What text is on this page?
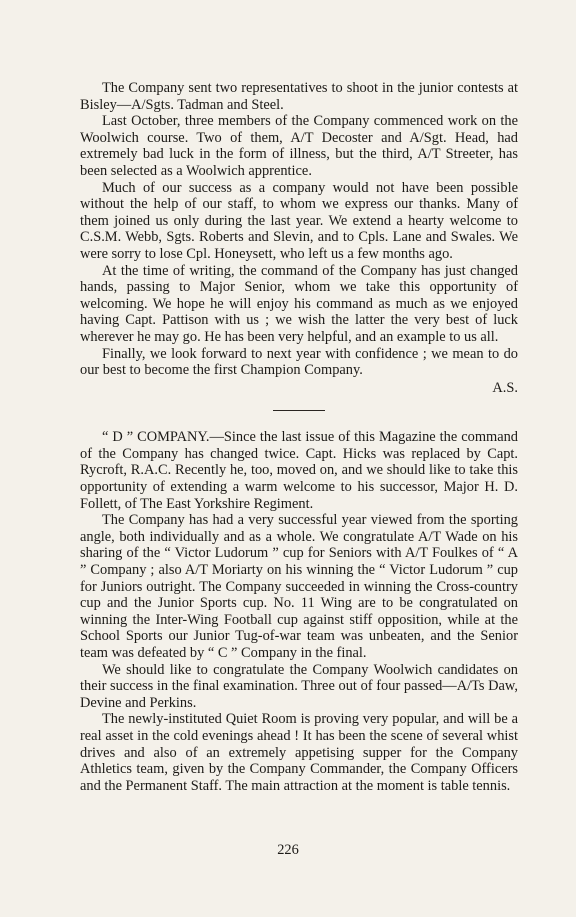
The Company sent two representatives to shoot in the junior contests at Bisley—A/Sgts. Tadman and Steel.

Last October, three members of the Company commenced work on the Woolwich course. Two of them, A/T Decoster and A/Sgt. Head, had extremely bad luck in the form of illness, but the third, A/T Streeter, has been selected as a Woolwich apprentice.

Much of our success as a company would not have been possible without the help of our staff, to whom we express our thanks. Many of them joined us only during the last year. We extend a hearty welcome to C.S.M. Webb, Sgts. Roberts and Slevin, and to Cpls. Lane and Swales. We were sorry to lose Cpl. Honeysett, who left us a few months ago.

At the time of writing, the command of the Company has just changed hands, passing to Major Senior, whom we take this opportunity of welcoming. We hope he will enjoy his command as much as we enjoyed having Capt. Pattison with us ; we wish the latter the very best of luck wherever he may go. He has been very helpful, and an example to us all.

Finally, we look forward to next year with confidence ; we mean to do our best to become the first Champion Company.

A.S.

“ D ” COMPANY.—Since the last issue of this Magazine the command of the Company has changed twice. Capt. Hicks was replaced by Capt. Rycroft, R.A.C. Recently he, too, moved on, and we should like to take this opportunity of extending a warm welcome to his successor, Major H. D. Follett, of The East Yorkshire Regiment.

The Company has had a very successful year viewed from the sporting angle, both individually and as a whole. We congratulate A/T Wade on his sharing of the “ Victor Ludorum ” cup for Seniors with A/T Foulkes of “ A ” Company ; also A/T Moriarty on his winning the “ Victor Ludorum ” cup for Juniors outright. The Company succeeded in winning the Cross-country cup and the Junior Sports cup. No. 11 Wing are to be congratulated on winning the Inter-Wing Football cup against stiff opposition, while at the School Sports our Junior Tug-of-war team was unbeaten, and the Senior team was defeated by “ C ” Company in the final.

We should like to congratulate the Company Woolwich candidates on their success in the final examination. Three out of four passed—A/Ts Daw, Devine and Perkins.

The newly-instituted Quiet Room is proving very popular, and will be a real asset in the cold evenings ahead ! It has been the scene of several whist drives and also of an extremely appetising supper for the Company Athletics team, given by the Company Commander, the Company Officers and the Permanent Staff. The main attraction at the moment is table tennis.

226
